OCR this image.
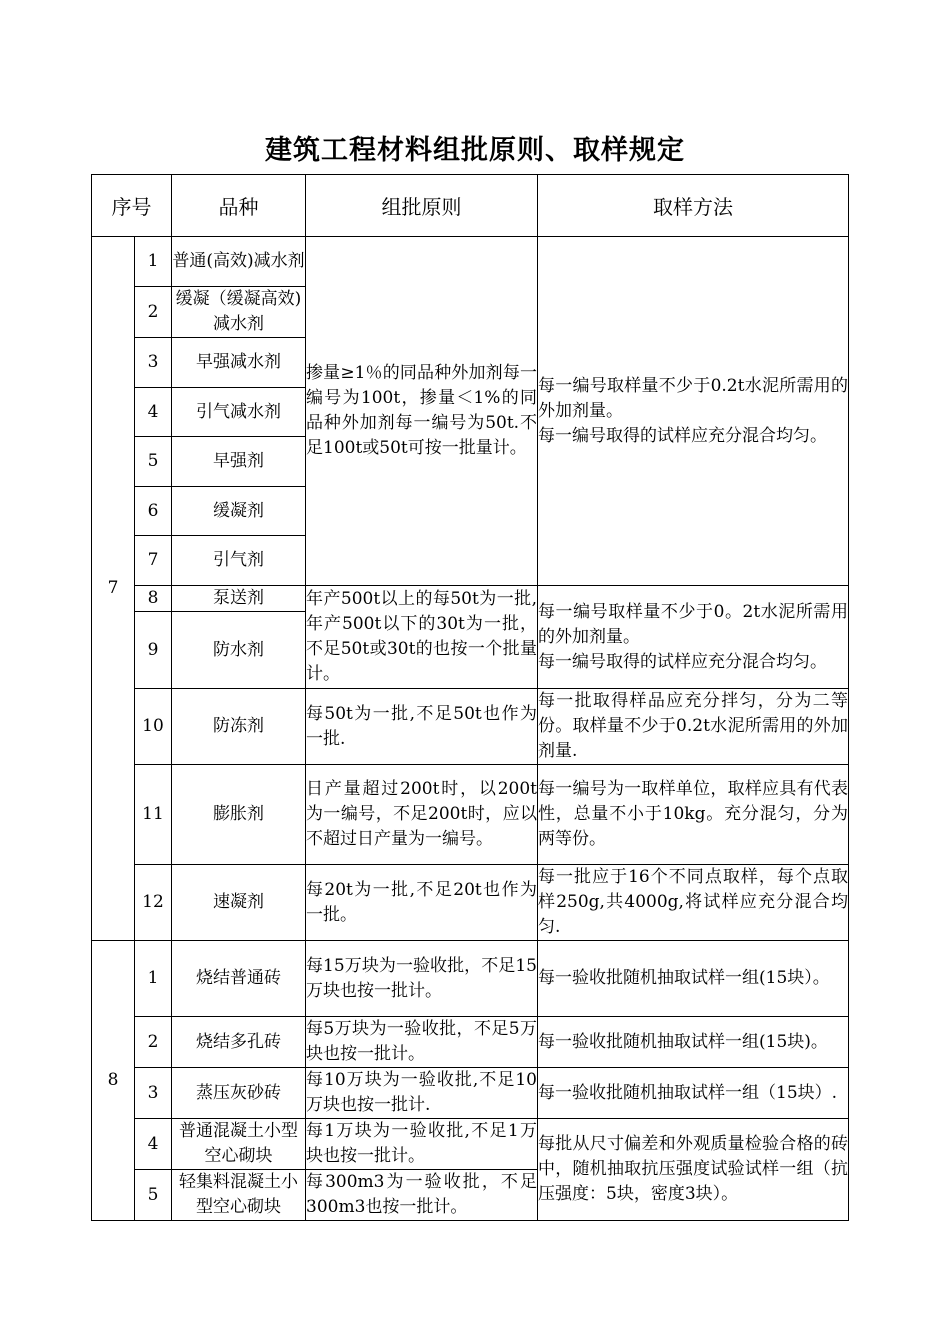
建筑工程材料组批原则、取样规定
序号		品种	组批原则	取样方法
7	1	普通(高效)减水剂	掺量≥1％的同品种外加剂每一编号为100t，掺量＜1%的同品种外加剂每一编号为50t.不足100t或50t可按一批量计。	每一编号取样量不少于0.2t水泥所需用的外加剂量。
每一编号取得的试样应充分混合均匀。
	2	缓凝（缓凝高效)减水剂		
	3	早强减水剂		
	4	引气减水剂		
	5	早强剂		
	6	缓凝剂		
	7	引气剂		
	8	泵送剂	年产500t以上的每50t为一批,年产500t以下的30t为一批，不足50t或30t的也按一个批量计。	每一编号取样量不少于0。2t水泥所需用的外加剂量。
每一编号取得的试样应充分混合均匀。
	9	防水剂		
	10	防冻剂	每50t为一批,不足50t也作为一批.	每一批取得样品应充分拌匀，分为二等份。取样量不少于0.2t水泥所需用的外加剂量.
	11	膨胀剂	日产量超过200t时，以200t为一编号，不足200t时，应以不超过日产量为一编号。	每一编号为一取样单位，取样应具有代表性，总量不小于10kg。充分混匀，分为两等份。
	12	速凝剂	每20t为一批,不足20t也作为一批。	每一批应于16个不同点取样，每个点取样250g,共4000g,将试样应充分混合均匀.
8	1	烧结普通砖	每15万块为一验收批，不足15万块也按一批计。	每一验收批随机抽取试样一组(15块）。
	2	烧结多孔砖	每5万块为一验收批，不足5万块也按一批计。	每一验收批随机抽取试样一组(15块)。
	3	蒸压灰砂砖	每10万块为一验收批,不足10万块也按一批计.	每一验收批随机抽取试样一组（15块）.
	4	普通混凝土小型空心砌块	每1万块为一验收批,不足1万块也按一批计。	每批从尺寸偏差和外观质量检验合格的砖中，随机抽取抗压强度试验试样一组（抗压强度：5块，密度3块）。
	5	轻集料混凝土小型空心砌块	每300m3为一验收批，不足300m3也按一批计。	
